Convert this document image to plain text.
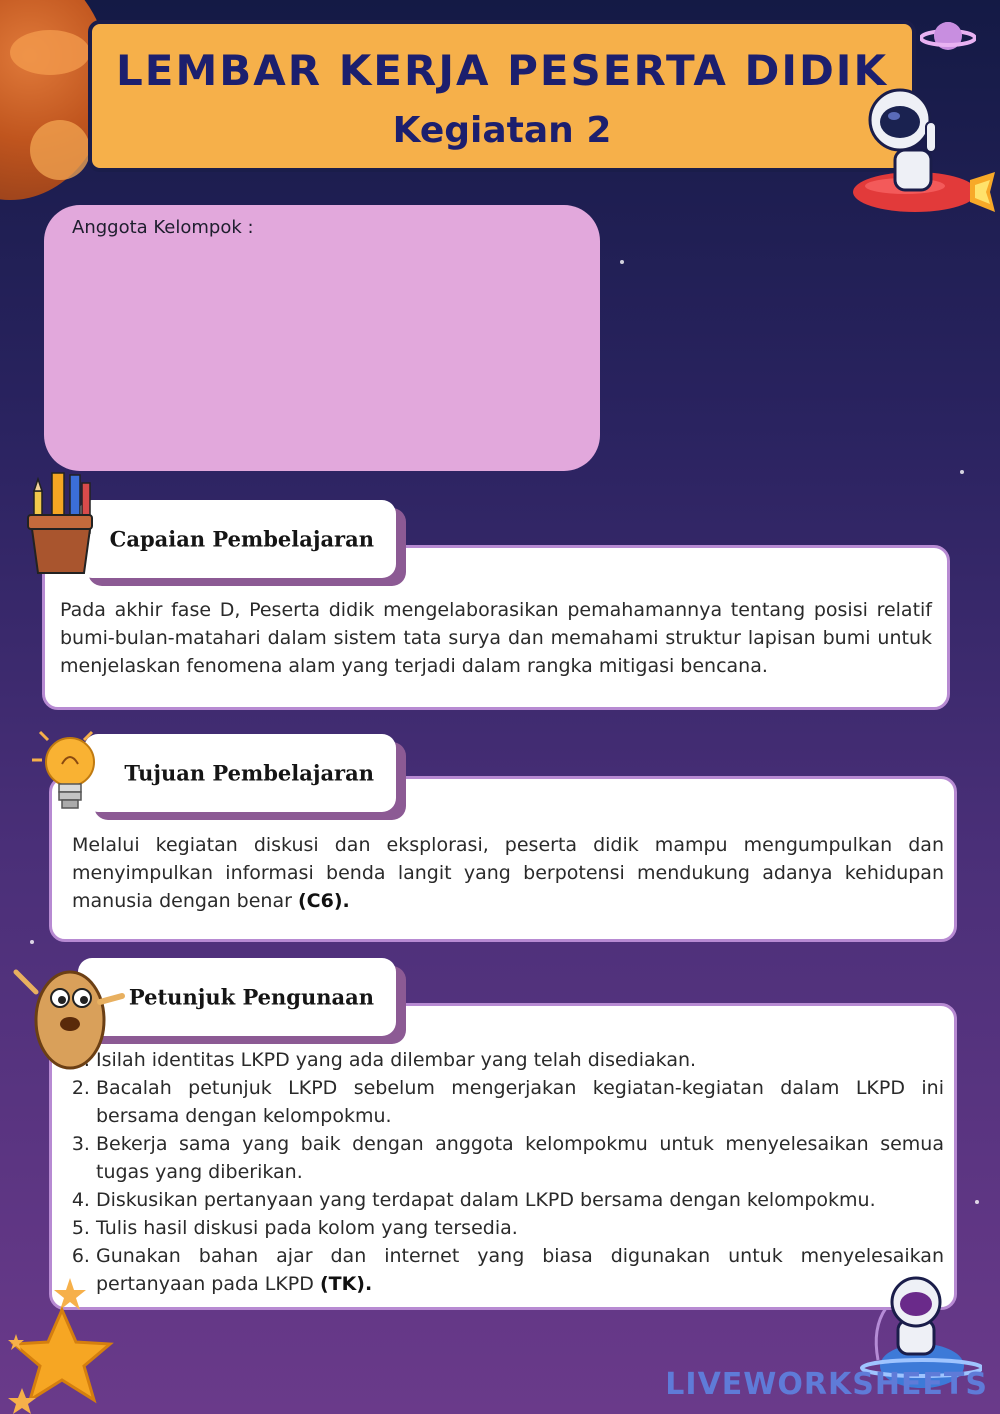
LEMBAR KERJA PESERTA DIDIK
Kegiatan 2
Anggota Kelompok :
Pada akhir fase D, Peserta didik mengelaborasikan pemahamannya tentang posisi relatif bumi-bulan-matahari dalam sistem tata surya dan memahami struktur lapisan bumi untuk menjelaskan fenomena alam yang terjadi dalam rangka mitigasi bencana.
Capaian Pembelajaran
Melalui kegiatan diskusi dan eksplorasi, peserta didik mampu mengumpulkan dan menyimpulkan informasi benda langit yang berpotensi mendukung adanya kehidupan manusia dengan benar (C6).
Tujuan Pembelajaran
1. Isilah identitas LKPD yang ada dilembar yang telah disediakan.
2. Bacalah petunjuk LKPD sebelum mengerjakan kegiatan-kegiatan dalam LKPD ini bersama dengan kelompokmu.
3. Bekerja sama yang baik dengan anggota kelompokmu untuk menyelesaikan semua tugas yang diberikan.
4. Diskusikan pertanyaan yang terdapat dalam LKPD bersama dengan kelompokmu.
5. Tulis hasil diskusi pada kolom yang tersedia.
6. Gunakan bahan ajar dan internet yang biasa digunakan untuk menyelesaikan pertanyaan pada LKPD (TK).
Petunjuk Pengunaan
LIVEWORKSHEETS
